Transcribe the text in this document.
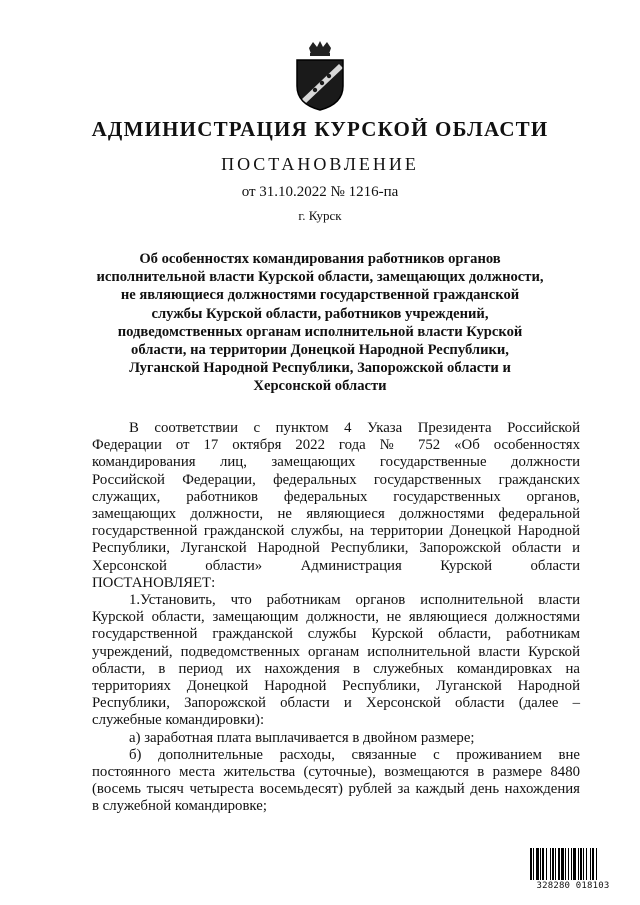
АДМИНИСТРАЦИЯ КУРСКОЙ ОБЛАСТИ
ПОСТАНОВЛЕНИЕ
от 31.10.2022 № 1216-па
г. Курск
Об особенностях командирования работников органов
исполнительной власти Курской области, замещающих должности,
не являющиеся должностями государственной гражданской
службы Курской области, работников учреждений,
подведомственных органам исполнительной власти Курской
области, на территории Донецкой Народной Республики,
Луганской Народной Республики, Запорожской области и
Херсонской области
В соответствии с пунктом 4 Указа Президента Российской
Федерации от 17 октября 2022 года № 752 «Об особенностях
командирования лиц, замещающих государственные должности
Российской Федерации, федеральных государственных гражданских
служащих, работников федеральных государственных органов,
замещающих должности, не являющиеся должностями федеральной
государственной гражданской службы, на территории Донецкой Народной
Республики, Луганской Народной Республики, Запорожской области и
Херсонской области» Администрация Курской области
ПОСТАНОВЛЯЕТ:
1.Установить, что работникам органов исполнительной власти
Курской области, замещающим должности, не являющиеся должностями
государственной гражданской службы Курской области, работникам
учреждений, подведомственных органам исполнительной власти Курской
области, в период их нахождения в служебных командировках на
территориях Донецкой Народной Республики, Луганской Народной
Республики, Запорожской области и Херсонской области (далее –
служебные командировки):
а) заработная плата выплачивается в двойном размере;
б) дополнительные расходы, связанные с проживанием вне
постоянного места жительства (суточные), возмещаются в размере 8480
(восемь тысяч четыреста восемьдесят) рублей за каждый день нахождения
в служебной командировке;
328280 018103
